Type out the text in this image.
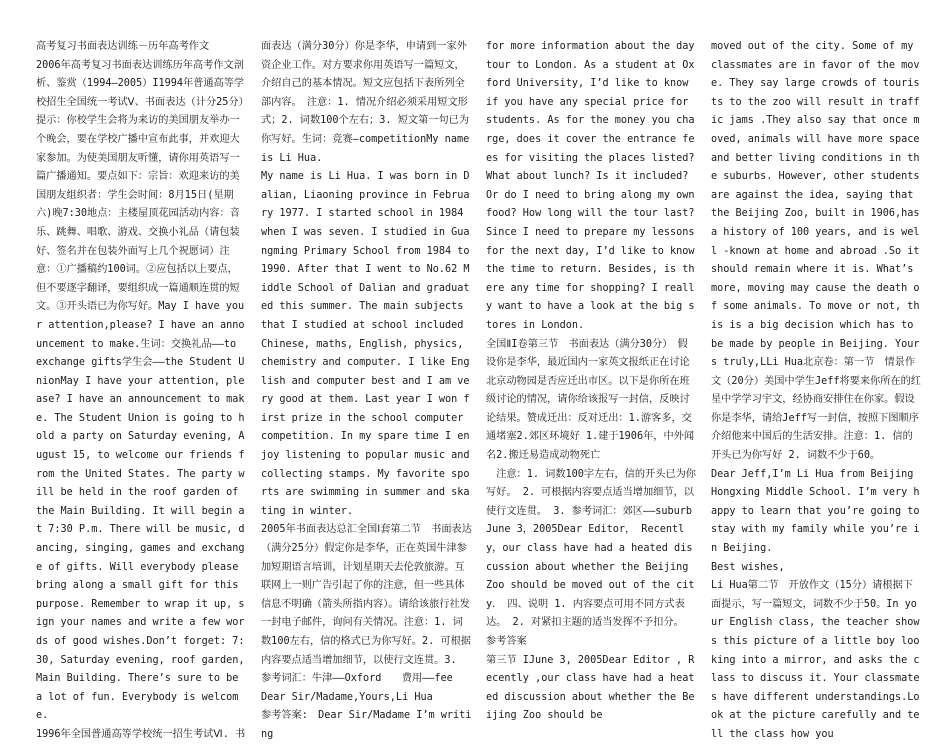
高考复习书面表达训练－历年高考作文

2006年高考复习书面表达训练历年高考作文剖析、鉴赏（1994—2005）I1994年普通高等学校招生全国统一考试Ⅴ、书面表达（计分25分）提示：你校学生会将为来访的美国朋友举办一个晚会，要在学校广播中宣布此事，并欢迎大家参加。为使美国朋友听懂，请你用英语写一篇广播通知。要点如下：宗旨：欢迎来访的美国朋友组织者：学生会时间：8月15日(星期六)晚7:30地点：主楼屋顶花园活动内容：音乐、跳舞、唱歌、游戏、交换小礼品（请包装好、签名并在包装外面写上几个祝愿词）注意：①广播稿约100词。②应包括以上要点，但不要逐字翻译，要组织成一篇通顺连贯的短文。③开头语已为你写好。May I have your attention,please? I have an announcement to make.生词：交换礼品——to exchange gifts学生会——the Student UnionMay I have your attention, please? I have an announcement to make. The Student Union is going to hold a party on Saturday evening, August 15, to welcome our friends from the United States. The party will be held in the roof garden of the Main Building. It will begin at 7:30 P.m. There will be music, dancing, singing, games and exchange of gifts. Will everybody please bring along a small gift for this purpose. Remember to wrap it up, sign your names and write a few words of good wishes.Don’t forget: 7:30, Saturday evening, roof garden, Main Building. There’s sure to be a lot of fun. Everybody is welcome.

1996年全国普通高等学校统一招生考试Ⅵ. 书

面表达（满分30分）你是李华，申请到一家外资企业工作。对方要求你用英语写一篇短文，介绍自己的基本情况。短文应包括下表所列全部内容。　注意：1. 情况介绍必须采用短文形式；2. 词数100个左右；3. 短文第一句已为你写好。生词：竞赛—competitionMy name is Li Hua.

My name is Li Hua. I was born in Dalian, Liaoning province in February 1977. I started school in 1984 when I was seven. I studied in Guangming Primary School from 1984 to 1990. After that I went to No.62 Middle School of Dalian and graduated this summer. The main subjects that I studied at school included Chinese, maths, English, physics, chemistry and computer. I like English and computer best and I am very good at them. Last year I won first prize in the school computer competition. In my spare time I enjoy listening to popular music and collecting stamps. My favorite sports are swimming in summer and skating in winter.

2005年书面表达总汇全国Ⅰ套第二节　书面表达（满分25分）假定你是李华，正在英国牛津参加短期语言培训，计划星期天去伦敦旅游。互联网上一则广告引起了你的注意，但一些具体信息不明确（箭头所指内容）。请给该旅行社发一封电子邮件，询问有关情况。注意：1. 词数100左右，信的格式已为你写好。2. 可根据内容要点适当增加细节，以使行文连贯。3. 参考词汇：牛津——Oxford　　费用——fee

Dear Sir/Madame,Yours,Li Hua

参考答案:　Dear Sir/Madame I’m writing

for more information about the day tour to London. As a student at Oxford University, I’d like to know if you have any special price for students. As for the money you charge, does it cover the entrance fees for visiting the places listed? What about lunch? Is it included? Or do I need to bring along my own food? How long will the tour last? Since I need to prepare my lessons for the next day, I’d like to know the time to return. Besides, is there any time for shopping? I really want to have a look at the big stores in London.

全国ⅡI卷第三节　书面表达（满分30分）　假设你是李华，最近国内一家英文报纸正在讨论北京动物园是否应迁出市区。以下是你所在班级讨论的情况，请你给该报写一封信，反映讨论结果。赞成迁出：反对迁出：1.游客多，交通堵塞2.郊区环境好 1.建于1906年，中外闻名2.搬迁易造成动物死亡

　注意：1. 词数100字左右，信的开头已为你写好。 2. 可根据内容要点适当增加细节，以使行文连贯。 3. 参考词汇：郊区——suburbJune 3，2005Dear Editor， Recently，our class have had a heated discussion about whether the Beijing Zoo should be moved out of the city．　四、说明 1. 内容要点可用不同方式表达。 2. 对紧扣主题的适当发挥不予扣分。

参考答案

第三节 IJune 3, 2005Dear Editor , Recently ,our class have had a heated discussion about whether the Beijing Zoo should be

moved out of the city. Some of my classmates are in favor of the move. They say large crowds of tourists to the zoo will result in traffic jams .They also say that once moved, animals will have more space and better living conditions in the suburbs. However, other students are against the idea, saying that the Beijing Zoo, built in 1906,has a history of 100 years, and is well -known at home and abroad .So it should remain where it is. What’s more, moving may cause the death of some animals. To move or not, this is a big decision which has to be made by people in Beijing. Yours truly,LLi Hua北京卷：第一节　情景作文（20分）美国中学生Jeff将要来你所在的红星中学学习宇文，经协商安排住在你家。假设你是李华，请给Jeff写一封信，按照下图顺序介绍他来中国后的生活安排。注意：1. 信的开头已为你写好 2. 词数不少于60。

Dear Jeff,I’m Li Hua from Beijing Hongxing Middle School. I’m very happy to learn that you’re going to stay with my family while you’re in Beijing.

Best wishes,

Li Hua第二节　开放作文（15分）请根据下面提示，写一篇短文，词数不少于50。In your English class, the teacher shows this picture of a little boy looking into a mirror, and asks the class to discuss it. Your classmates have different understandings.Look at the picture carefully and tell the class how you
